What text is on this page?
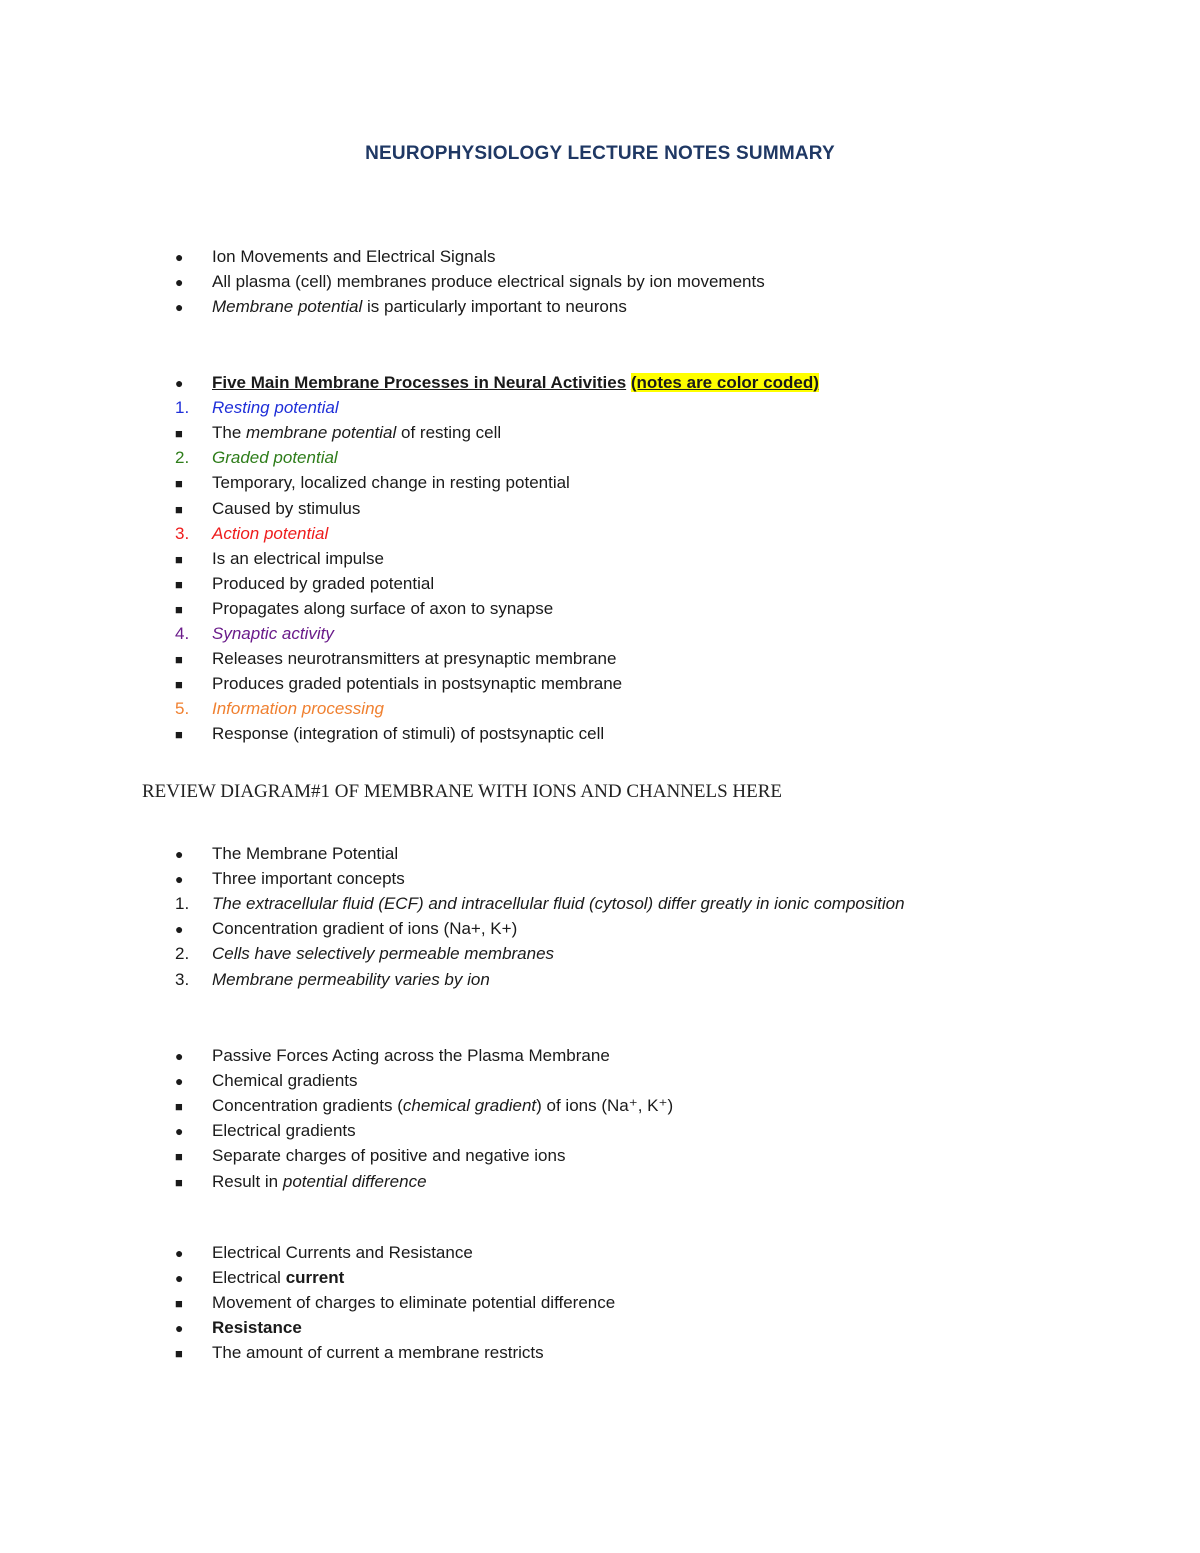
NEUROPHYSIOLOGY LECTURE NOTES SUMMARY
● Ion Movements and Electrical Signals
● All plasma (cell) membranes produce electrical signals by ion movements
● Membrane potential is particularly important to neurons
● Five Main Membrane Processes in Neural Activities (notes are color coded)
1. Resting potential
■ The membrane potential of resting cell
2. Graded potential
■ Temporary, localized change in resting potential
■ Caused by stimulus
3. Action potential
■ Is an electrical impulse
■ Produced by graded potential
■ Propagates along surface of axon to synapse
4. Synaptic activity
■ Releases neurotransmitters at presynaptic membrane
■ Produces graded potentials in postsynaptic membrane
5. Information processing
■ Response (integration of stimuli) of postsynaptic cell
● The Membrane Potential
● Three important concepts
1. The extracellular fluid (ECF) and intracellular fluid (cytosol) differ greatly in ionic composition
● Concentration gradient of ions (Na+, K+)
2. Cells have selectively permeable membranes
3. Membrane permeability varies by ion
● Passive Forces Acting across the Plasma Membrane
● Chemical gradients
■ Concentration gradients (chemical gradient) of ions (Na⁺, K⁺)
● Electrical gradients
■ Separate charges of positive and negative ions
■ Result in potential difference
● Electrical Currents and Resistance
● Electrical current
■ Movement of charges to eliminate potential difference
● Resistance
■ The amount of current a membrane restricts
REVIEW DIAGRAM#1 OF MEMBRANE WITH IONS AND CHANNELS HERE
